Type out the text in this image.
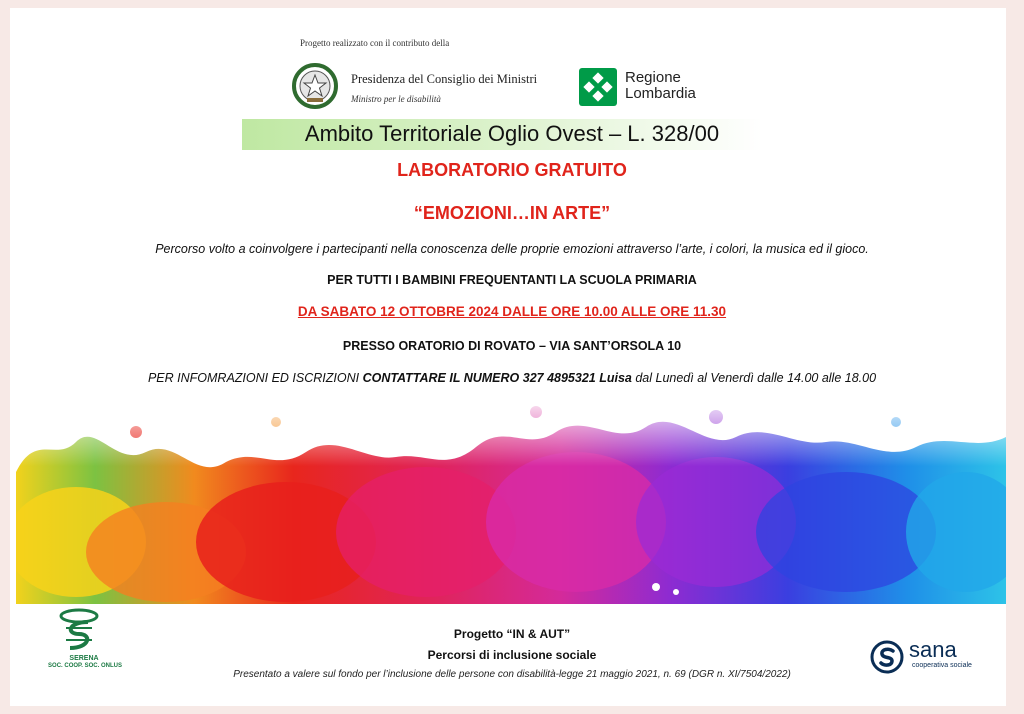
Progetto realizzato con il contributo della
Presidenza del Consiglio dei Ministri
Ministro per le disabilità
Regione
Lombardia
Ambito Territoriale Oglio Ovest – L. 328/00
LABORATORIO GRATUITO
“EMOZIONI…IN ARTE”
Percorso volto a coinvolgere i partecipanti nella conoscenza delle proprie emozioni attraverso l’arte, i colori, la musica ed il gioco.
PER TUTTI I BAMBINI FREQUENTANTI LA SCUOLA PRIMARIA
DA SABATO 12 OTTOBRE 2024 DALLE ORE 10.00 ALLE ORE 11.30
PRESSO ORATORIO DI ROVATO – VIA SANT’ORSOLA 10
PER INFOMRAZIONI ED ISCRIZIONI CONTATTARE IL NUMERO 327 4895321 Luisa dal Lunedì al Venerdì dalle 14.00 alle 18.00
SERENA
SOC. COOP. SOC. ONLUS
Progetto “IN & AUT”
Percorsi di inclusione sociale
Presentato a valere sul fondo per l’inclusione delle persone con disabilità-legge 21 maggio 2021, n. 69 (DGR n. XI/7504/2022)
sana
cooperativa sociale
